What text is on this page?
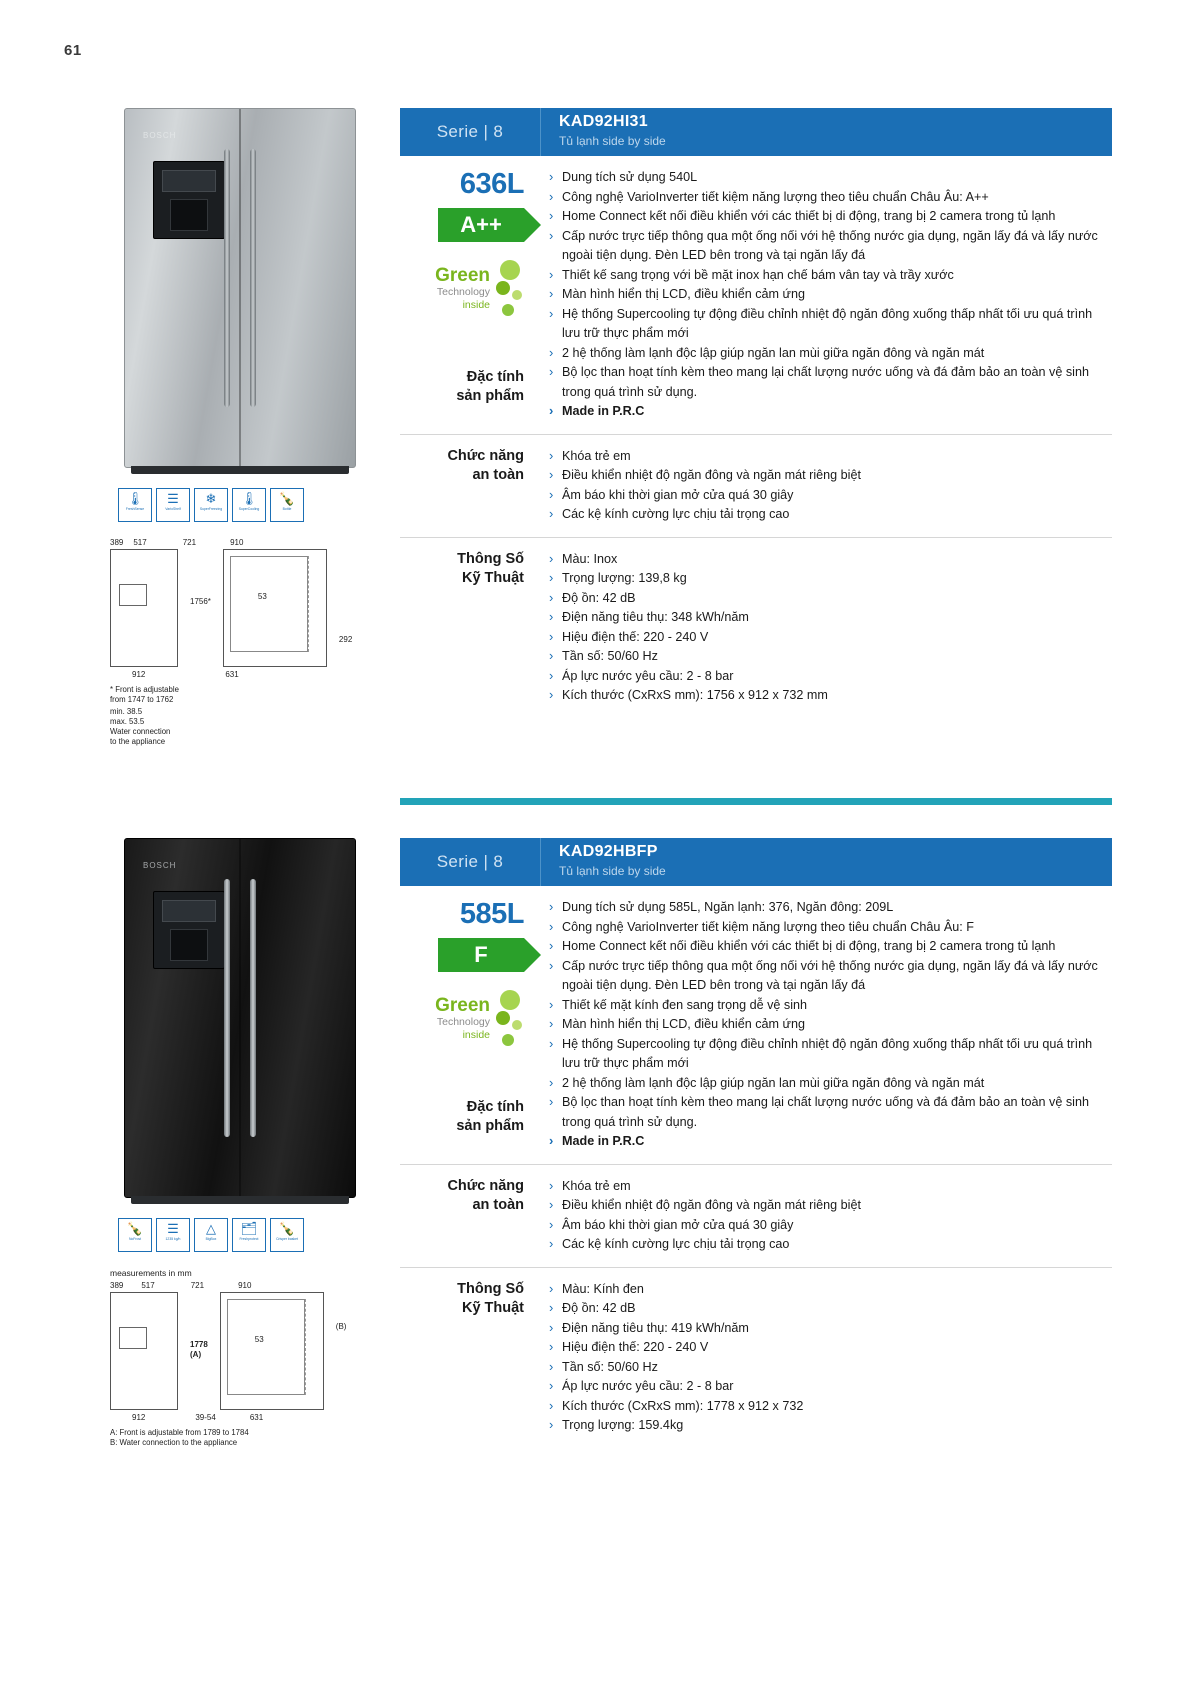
61
BOSCH
🌡
FreshSense
☰
VarioShelf
❄
SuperFreezing
🌡
SuperCooling
🍾
Bottle
389 517	721	910
1756*
53
292
912	631
* Front is adjustable
from 1747 to 1762
min. 38.5
max. 53.5
Water connection
to the appliance
Serie | 8
KAD92HI31
Tủ lạnh side by side
636L
A++
Green
Technology
inside
Đặc tính
sản phẩm
› Dung tích sử dụng 540L
› Công nghệ VarioInverter tiết kiệm năng lượng theo tiêu chuẩn Châu Âu: A++
› Home Connect kết nối điều khiển với các thiết bị di động, trang bị 2 camera trong tủ lạnh
› Cấp nước trực tiếp thông qua một ống nối với hệ thống nước gia dụng, ngăn lấy đá và lấy nước ngoài tiện dụng. Đèn LED bên trong và tại ngăn lấy đá
› Thiết kế sang trọng với bề mặt inox hạn chế bám vân tay và trầy xước
› Màn hình hiển thị LCD, điều khiển cảm ứng
› Hệ thống Supercooling tự động điều chỉnh nhiệt độ ngăn đông xuống thấp nhất tối ưu quá trình lưu trữ thực phẩm mới
› 2 hệ thống làm lạnh độc lập giúp ngăn lan mùi giữa ngăn đông và ngăn mát
› Bộ lọc than hoạt tính kèm theo mang lại chất lượng nước uống và đá đảm bảo an toàn vệ sinh trong quá trình sử dụng.
› Made in P.R.C
Chức năng
an toàn
› Khóa trẻ em
› Điều khiển nhiệt độ ngăn đông và ngăn mát riêng biệt
› Âm báo khi thời gian mở cửa quá 30 giây
› Các kệ kính cường lực chịu tải trọng cao
Thông Số
Kỹ Thuật
› Màu: Inox
› Trọng lượng: 139,8 kg
› Độ ồn: 42 dB
› Điện năng tiêu thụ: 348 kWh/năm
› Hiệu điện thế: 220 - 240 V
› Tần số: 50/60 Hz
› Áp lực nước yêu cầu: 2 - 8 bar
› Kích thước (CxRxS mm): 1756 x 912 x 732 mm
BOSCH
🍾
NoFrost
☰
1235 kg/h
△
BigBox
🗂
Freshprotect
🍾
Crisper basket
measurements in mm
389 517	721	910
1778
(A)
53
(B)
912	39-54	631
A: Front is adjustable from 1789 to 1784
B: Water connection to the appliance
Serie | 8
KAD92HBFP
Tủ lạnh side by side
585L
F
Green
Technology
inside
Đặc tính
sản phẩm
› Dung tích sử dụng 585L, Ngăn lạnh: 376, Ngăn đông: 209L
› Công nghệ VarioInverter tiết kiệm năng lượng theo tiêu chuẩn Châu Âu: F
› Home Connect kết nối điều khiển với các thiết bị di động, trang bị 2 camera trong tủ lạnh
› Cấp nước trực tiếp thông qua một ống nối với hệ thống nước gia dụng, ngăn lấy đá và lấy nước ngoài tiện dụng. Đèn LED bên trong và tại ngăn lấy đá
› Thiết kế mặt kính đen sang trọng dễ vệ sinh
› Màn hình hiển thị LCD, điều khiển cảm ứng
› Hệ thống Supercooling tự động điều chỉnh nhiệt độ ngăn đông xuống thấp nhất tối ưu quá trình lưu trữ thực phẩm mới
› 2 hệ thống làm lạnh độc lập giúp ngăn lan mùi giữa ngăn đông và ngăn mát
› Bộ lọc than hoạt tính kèm theo mang lại chất lượng nước uống và đá đảm bảo an toàn vệ sinh trong quá trình sử dụng.
› Made in P.R.C
Chức năng
an toàn
› Khóa trẻ em
› Điều khiển nhiệt độ ngăn đông và ngăn mát riêng biệt
› Âm báo khi thời gian mở cửa quá 30 giây
› Các kệ kính cường lực chịu tải trọng cao
Thông Số
Kỹ Thuật
› Màu: Kính đen
› Độ ồn: 42 dB
› Điện năng tiêu thụ: 419 kWh/năm
› Hiệu điện thế: 220 - 240 V
› Tần số: 50/60 Hz
› Áp lực nước yêu cầu: 2 - 8 bar
› Kích thước (CxRxS mm): 1778 x 912 x 732
› Trọng lượng: 159.4kg
